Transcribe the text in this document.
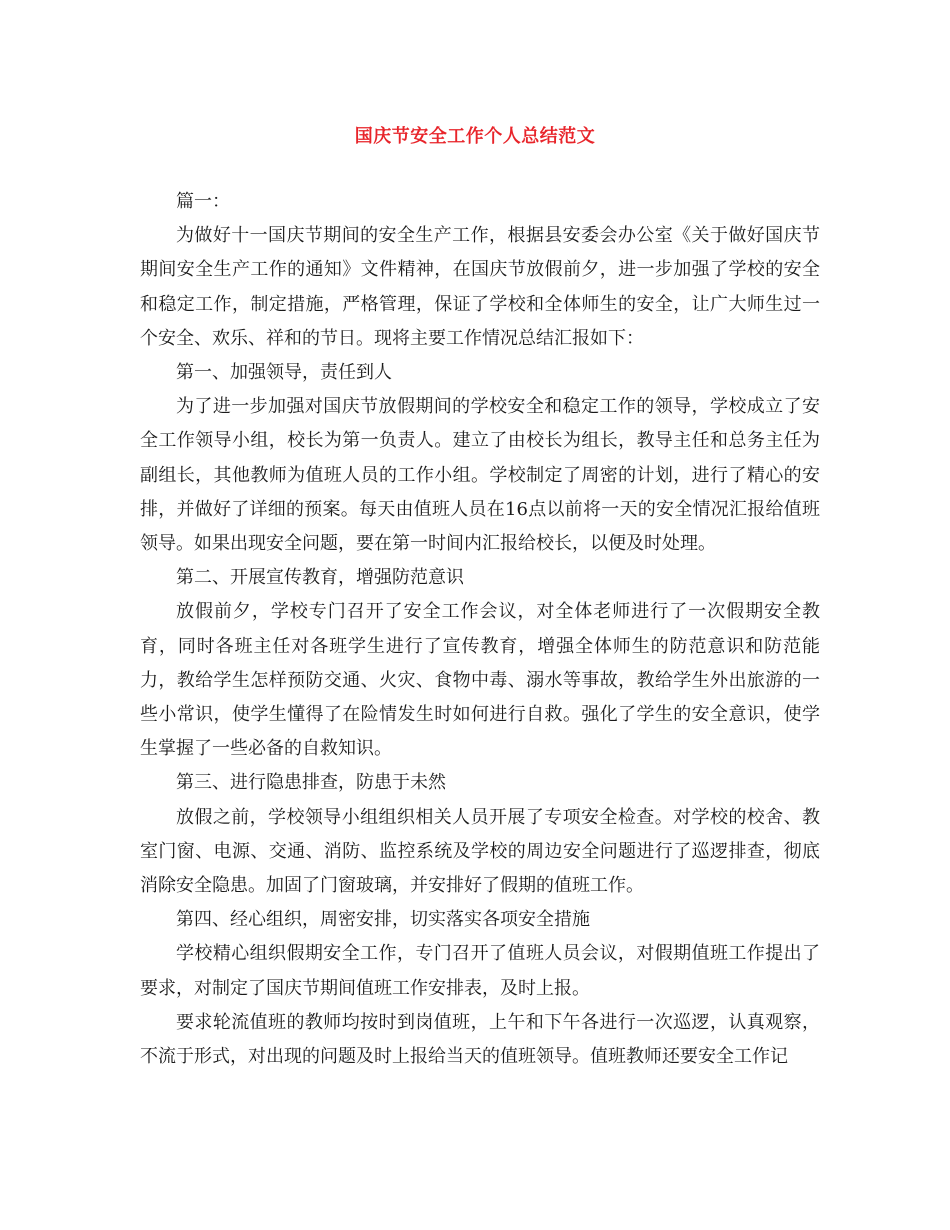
国庆节安全工作个人总结范文

篇一：

为做好十一国庆节期间的安全生产工作，根据县安委会办公室《关于做好国庆节期间安全生产工作的通知》文件精神，在国庆节放假前夕，进一步加强了学校的安全和稳定工作，制定措施，严格管理，保证了学校和全体师生的安全，让广大师生过一个安全、欢乐、祥和的节日。现将主要工作情况总结汇报如下：

第一、加强领导，责任到人

为了进一步加强对国庆节放假期间的学校安全和稳定工作的领导，学校成立了安全工作领导小组，校长为第一负责人。建立了由校长为组长，教导主任和总务主任为副组长，其他教师为值班人员的工作小组。学校制定了周密的计划，进行了精心的安排，并做好了详细的预案。每天由值班人员在16点以前将一天的安全情况汇报给值班领导。如果出现安全问题，要在第一时间内汇报给校长，以便及时处理。

第二、开展宣传教育，增强防范意识

放假前夕，学校专门召开了安全工作会议，对全体老师进行了一次假期安全教育，同时各班主任对各班学生进行了宣传教育，增强全体师生的防范意识和防范能力，教给学生怎样预防交通、火灾、食物中毒、溺水等事故，教给学生外出旅游的一些小常识，使学生懂得了在险情发生时如何进行自救。强化了学生的安全意识，使学生掌握了一些必备的自救知识。

第三、进行隐患排查，防患于未然

放假之前，学校领导小组组织相关人员开展了专项安全检查。对学校的校舍、教室门窗、电源、交通、消防、监控系统及学校的周边安全问题进行了巡逻排查，彻底消除安全隐患。加固了门窗玻璃，并安排好了假期的值班工作。

第四、经心组织，周密安排，切实落实各项安全措施

学校精心组织假期安全工作，专门召开了值班人员会议，对假期值班工作提出了要求，对制定了国庆节期间值班工作安排表，及时上报。

要求轮流值班的教师均按时到岗值班，上午和下午各进行一次巡逻，认真观察，不流于形式，对出现的问题及时上报给当天的值班领导。值班教师还要安全工作记
